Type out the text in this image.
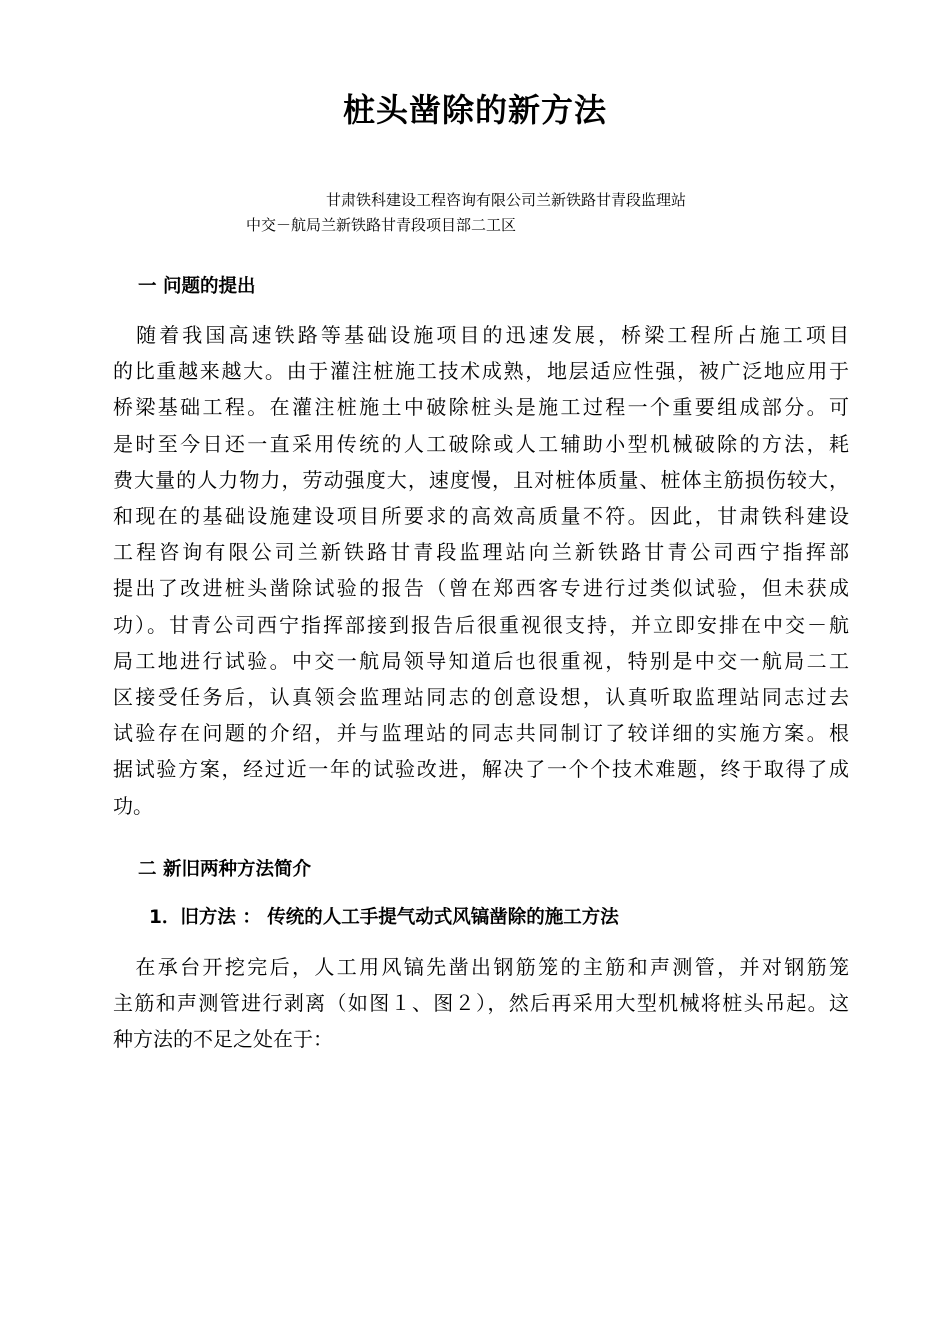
桩头凿除的新方法
甘肃铁科建设工程咨询有限公司兰新铁路甘青段监理站
中交－航局兰新铁路甘青段项目部二工区
一 问题的提出
　随着我国高速铁路等基础设施项目的迅速发展，桥梁工程所占施工项目
的比重越来越大。由于灌注桩施工技术成熟，地层适应性强，被广泛地应用于
桥梁基础工程。在灌注桩施土中破除桩头是施工过程一个重要组成部分。可
是时至今日还一直采用传统的人工破除或人工辅助小型机械破除的方法，耗
费大量的人力物力，劳动强度大，速度慢，且对桩体质量、桩体主筋损伤较大，
和现在的基础设施建设项目所要求的高效高质量不符。因此，甘肃铁科建设
工程咨询有限公司兰新铁路甘青段监理站向兰新铁路甘青公司西宁指挥部
提出了改进桩头凿除试验的报告（曾在郑西客专进行过类似试验，但未获成
功）。甘青公司西宁指挥部接到报告后很重视很支持，并立即安排在中交－航
局工地进行试验。中交一航局领导知道后也很重视，特别是中交一航局二工
区接受任务后，认真领会监理站同志的创意设想，认真听取监理站同志过去
试验存在问题的介绍，并与监理站的同志共同制订了较详细的实施方案。根
据试验方案，经过近一年的试验改进，解决了一个个技术难题，终于取得了成
功。
二 新旧两种方法简介
1．旧方法 ： 传统的人工手提气动式风镐凿除的施工方法
　在承台开挖完后，人工用风镐先凿出钢筋笼的主筋和声测管，并对钢筋笼
主筋和声测管进行剥离（如图１、图２），然后再采用大型机械将桩头吊起。这
种方法的不足之处在于：
